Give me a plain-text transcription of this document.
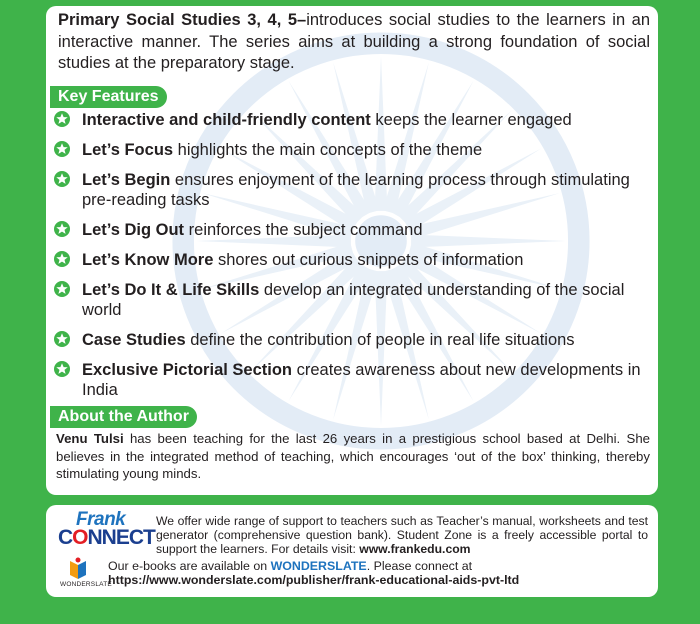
Primary Social Studies 3, 4, 5–introduces social studies to the learners in an interactive manner. The series aims at building a strong foundation of social studies at the preparatory stage.

Key Features
Interactive and child-friendly content keeps the learner engaged
Let’s Focus highlights the main concepts of the theme
Let’s Begin ensures enjoyment of the learning process through stimulating pre-reading tasks
Let’s Dig Out reinforces the subject command
Let’s Know More shores out curious snippets of information
Let’s Do It & Life Skills develop an integrated understanding of the social world
Case Studies define the contribution of people in real life situations
Exclusive Pictorial Section creates awareness about new developments in India
About the Author

Venu Tulsi has been teaching for the last 26 years in a prestigious school based at Delhi. She believes in the integrated method of teaching, which encourages ‘out of the box’ thinking, thereby stimulating young minds.

Frank
CONNECT

We offer wide range of support to teachers such as Teacher’s manual, worksheets and test generator (comprehensive question bank). Student Zone is a freely accessible portal to support the learners. For details visit: www.frankedu.com

WONDERSLATE

Our e-books are available on WONDERSLATE. Please connect at
https://www.wonderslate.com/publisher/frank-educational-aids-pvt-ltd
